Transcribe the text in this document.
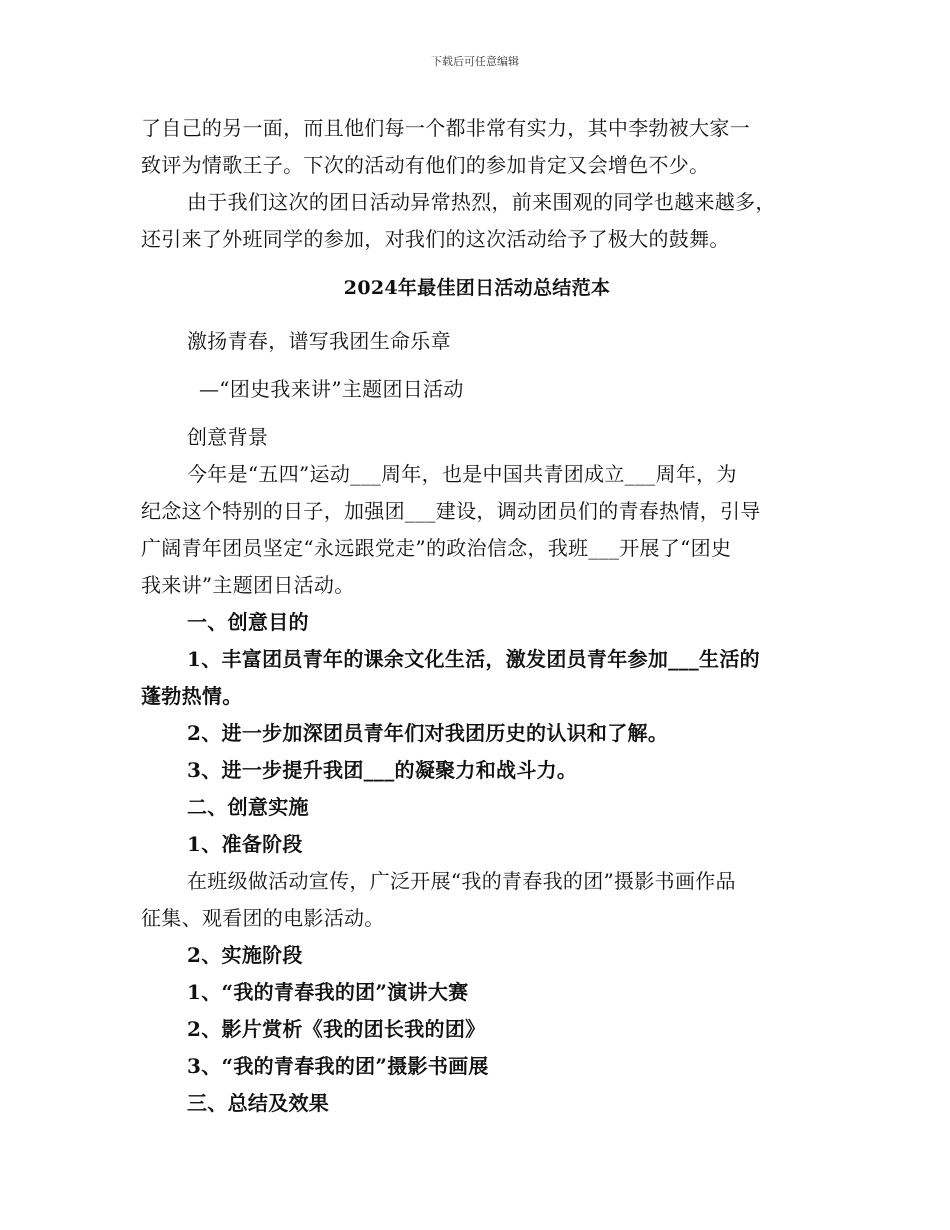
下载后可任意编辑

了自己的另一面，而且他们每一个都非常有实力，其中李勃被大家一

致评为情歌王子。下次的活动有他们的参加肯定又会增色不少。

由于我们这次的团日活动异常热烈，前来围观的同学也越来越多，

还引来了外班同学的参加，对我们的这次活动给予了极大的鼓舞。

2024年最佳团日活动总结范本

激扬青春，谱写我团生命乐章

—“团史我来讲”主题团日活动

创意背景

今年是“五四”运动___周年，也是中国共青团成立___周年，为

纪念这个特别的日子，加强团___建设，调动团员们的青春热情，引导

广阔青年团员坚定“永远跟党走”的政治信念，我班___开展了“团史

我来讲”主题团日活动。

一、创意目的

1、丰富团员青年的课余文化生活，激发团员青年参加___生活的

蓬勃热情。

2、进一步加深团员青年们对我团历史的认识和了解。

3、进一步提升我团___的凝聚力和战斗力。

二、创意实施

1、准备阶段

在班级做活动宣传，广泛开展“我的青春我的团”摄影书画作品

征集、观看团的电影活动。

2、实施阶段

1、“我的青春我的团”演讲大赛

2、影片赏析《我的团长我的团》

3、“我的青春我的团”摄影书画展

三、总结及效果
